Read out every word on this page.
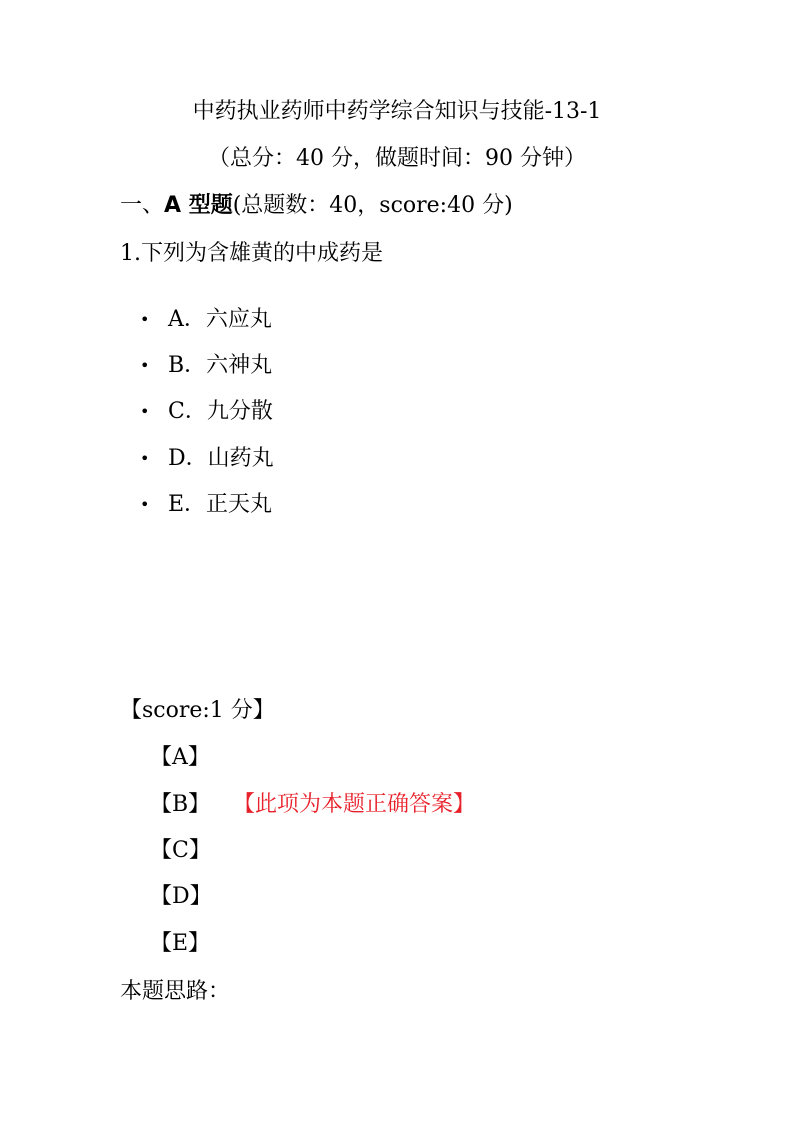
中药执业药师中药学综合知识与技能-13-1
（总分：40 分，做题时间：90 分钟）
一、A 型题(总题数：40，score:40 分)
1.下列为含雄黄的中成药是
• A．六应丸
• B．六神丸
• C．九分散
• D．山药丸
• E．正天丸
【score:1 分】
【A】
【B】 【此项为本题正确答案】
【C】
【D】
【E】
本题思路：
